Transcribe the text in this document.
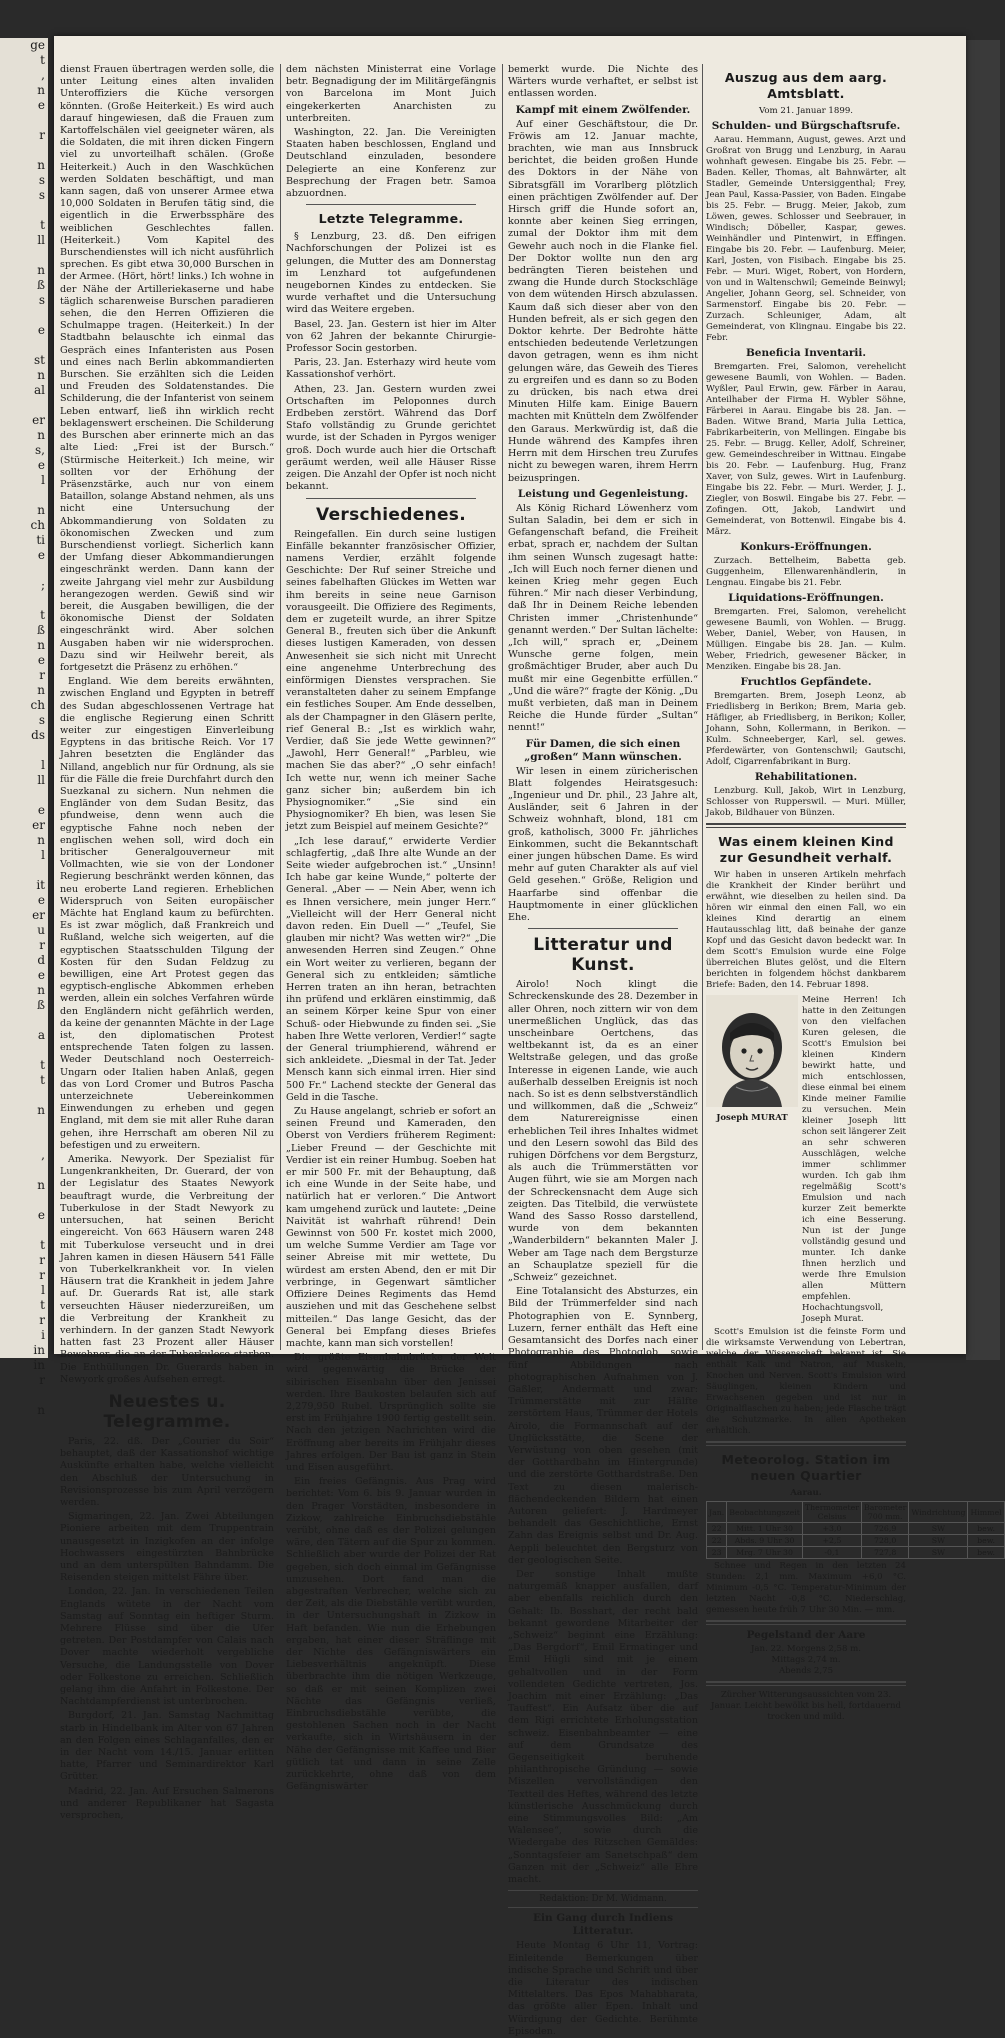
ge
t
,
n
e

r

n
s
s

t
ll

n
ß
s

e

st
n
al

er
n
s,
e
l

n
ch
ti
e

;

t
ß
n
e
r
n
ch
s
ds

l
ll

e
er
n
l

it
e
er
u
r
d
e
n
ß

a

t
t

n

,

n

e

t
r
r
l
t
r
i
in
in
r

n

dienst Frauen übertragen werden solle, die unter Leitung eines alten invaliden Unteroffiziers die Küche versorgen könnten. (Große Heiterkeit.) Es wird auch darauf hingewiesen, daß die Frauen zum Kartoffelschälen viel geeigneter wären, als die Soldaten, die mit ihren dicken Fingern viel zu unvorteilhaft schälen. (Große Heiterkeit.) Auch in den Waschküchen werden Soldaten beschäftigt, und man kann sagen, daß von unserer Armee etwa 10,000 Soldaten in Berufen tätig sind, die eigentlich in die Erwerbssphäre des weiblichen Geschlechtes fallen. (Heiterkeit.) Vom Kapitel des Burschendienstes will ich nicht ausführlich sprechen. Es gibt etwa 30,000 Burschen in der Armee. (Hört, hört! links.) Ich wohne in der Nähe der Artilleriekaserne und habe täglich scharenweise Burschen paradieren sehen, die den Herren Offizieren die Schulmappe tragen. (Heiterkeit.) In der Stadtbahn belauschte ich einmal das Gespräch eines Infanteristen aus Posen und eines nach Berlin abkommandierten Burschen. Sie erzählten sich die Leiden und Freuden des Soldatenstandes. Die Schilderung, die der Infanterist von seinem Leben entwarf, ließ ihn wirklich recht beklagenswert erscheinen. Die Schilderung des Burschen aber erinnerte mich an das alte Lied: „Frei ist der Bursch.“ (Stürmische Heiterkeit.) Ich meine, wir sollten vor der Erhöhung der Präsenzstärke, auch nur von einem Bataillon, solange Abstand nehmen, als uns nicht eine Untersuchung der Abkommandierung von Soldaten zu ökonomischen Zwecken und zum Burschendienst vorliegt. Sicherlich kann der Umfang dieser Abkommandierungen eingeschränkt werden. Dann kann der zweite Jahrgang viel mehr zur Ausbildung herangezogen werden. Gewiß sind wir bereit, die Ausgaben bewilligen, die der ökonomische Dienst der Soldaten eingeschränkt wird. Aber solchen Ausgaben haben wir nie widersprochen. Dazu sind wir Heilwehr bereit, als fortgesetzt die Präsenz zu erhöhen.“

England. Wie dem bereits erwähnten, zwischen England und Egypten in betreff des Sudan abgeschlossenen Vertrage hat die englische Regierung einen Schritt weiter zur eingestigen Einverleibung Egyptens in das britische Reich. Vor 17 Jahren besetzten die Engländer das Nilland, angeblich nur für Ordnung, als sie für die Fälle die freie Durchfahrt durch den Suezkanal zu sichern. Nun nehmen die Engländer von dem Sudan Besitz, das pfundweise, denn wenn auch die egyptische Fahne noch neben der englischen wehen soll, wird doch ein britischer Generalgouverneur mit Vollmachten, wie sie von der Londoner Regierung beschränkt werden können, das neu eroberte Land regieren. Erheblichen Widerspruch von Seiten europäischer Mächte hat England kaum zu befürchten. Es ist zwar möglich, daß Frankreich und Rußland, welche sich weigerten, auf die egyptischen Staatsschulden Tilgung der Kosten für den Sudan Feldzug zu bewilligen, eine Art Protest gegen das egyptisch-englische Abkommen erheben werden, allein ein solches Verfahren würde den Engländern nicht gefährlich werden, da keine der genannten Mächte in der Lage ist, den diplomatischen Protest entsprechende Taten folgen zu lassen. Weder Deutschland noch Oesterreich-Ungarn oder Italien haben Anlaß, gegen das von Lord Cromer und Butros Pascha unterzeichnete Uebereinkommen Einwendungen zu erheben und gegen England, mit dem sie mit aller Ruhe daran gehen, ihre Herrschaft am oberen Nil zu befestigen und zu erweitern.

Amerika. Newyork. Der Spezialist für Lungenkrankheiten, Dr. Guerard, der von der Legislatur des Staates Newyork beauftragt wurde, die Verbreitung der Tuberkulose in der Stadt Newyork zu untersuchen, hat seinen Bericht eingereicht. Von 663 Häusern waren 248 mit Tuberkulose verseucht und in drei Jahren kamen in diesen Häusern 541 Fälle von Tuberkelkrankheit vor. In vielen Häusern trat die Krankheit in jedem Jahre auf. Dr. Guerards Rat ist, alle stark verseuchten Häuser niederzureißen, um die Verbreitung der Krankheit zu verhindern. In der ganzen Stadt Newyork hatten fast 23 Prozent aller Häuser Bewohner, die an der Tuberkulose starben. Die Enthüllungen Dr. Guerards haben in Newyork großes Aufsehen erregt.

Neuestes u. Telegramme.

Paris, 22. dß. Der „Courier du Soir“ behauptet, daß der Kassationshof wichtige Auskünfte erhalten habe, welche vielleicht den Abschluß der Untersuchung in Revisionsprozesse bis zum April verzögern werden.

Sigmaringen, 22. Jan. Zwei Abteilungen Pioniere arbeiten mit dem Truppentrain unausgesetzt in Inzigkofen an der infolge Hochwassers eingestürzten Bahnbrücke und an dem unterspülten Bahndamm. Die Reisenden steigen mittelst Fähre über.

London, 22. Jan. In verschiedenen Teilen Englands wütete in der Nacht vom Samstag auf Sonntag ein heftiger Sturm. Mehrere Flüsse sind über die Ufer getreten. Der Postdampfer von Calais nach Dover machte wiederholt vergebliche Versuche, die Landungsstelle von Dover oder Folkestone zu erreichen. Schließlich gelang ihm die Anfahrt in Folkestone. Der Nachtdampferdienst ist unterbrochen.

Burgdorf, 21. Jan. Samstag Nachmittag starb in Hindelbank im Alter von 67 Jahren an den Folgen eines Schlaganfalles, den er in der Nacht vom 14./15. Januar erlitten hatte, Pfarrer und Seminardirektor Karl Grütter.

Madrid, 22. Jan. Auf Ersuchen Salmerons und anderer Republikaner hat Sagasta versprochen,

dem nächsten Ministerrat eine Vorlage betr. Begnadigung der im Militärgefängnis von Barcelona im Mont Juich eingekerkerten Anarchisten zu unterbreiten.

Washington, 22. Jan. Die Vereinigten Staaten haben beschlossen, England und Deutschland einzuladen, besondere Delegierte an eine Konferenz zur Besprechung der Fragen betr. Samoa abzuordnen.

Letzte Telegramme.

§ Lenzburg, 23. dß. Den eifrigen Nachforschungen der Polizei ist es gelungen, die Mutter des am Donnerstag im Lenzhard tot aufgefundenen neugebornen Kindes zu entdecken. Sie wurde verhaftet und die Untersuchung wird das Weitere ergeben.

Basel, 23. Jan. Gestern ist hier im Alter von 62 Jahren der bekannte Chirurgie-Professor Socin gestorben.

Paris, 23. Jan. Esterhazy wird heute vom Kassationshof verhört.

Athen, 23. Jan. Gestern wurden zwei Ortschaften im Peloponnes durch Erdbeben zerstört. Während das Dorf Stafo vollständig zu Grunde gerichtet wurde, ist der Schaden in Pyrgos weniger groß. Doch wurde auch hier die Ortschaft geräumt werden, weil alle Häuser Risse zeigen. Die Anzahl der Opfer ist noch nicht bekannt.

Verschiedenes.

Reingefallen. Ein durch seine lustigen Einfälle bekannter französischer Offizier, namens Verdier, erzählt folgende Geschichte: Der Ruf seiner Streiche und seines fabelhaften Glückes im Wetten war ihm bereits in seine neue Garnison vorausgeeilt. Die Offiziere des Regiments, dem er zugeteilt wurde, an ihrer Spitze General B., freuten sich über die Ankunft dieses lustigen Kameraden, von dessen Anwesenheit sie sich nicht mit Unrecht eine angenehme Unterbrechung des einförmigen Dienstes versprachen. Sie veranstalteten daher zu seinem Empfange ein festliches Souper. Am Ende desselben, als der Champagner in den Gläsern perlte, rief General B.: „Ist es wirklich wahr, Verdier, daß Sie jede Wette gewinnen?“ „Jawohl, Herr General!“ „Parbleu, wie machen Sie das aber?“ „O sehr einfach! Ich wette nur, wenn ich meiner Sache ganz sicher bin; außerdem bin ich Physiognomiker.“ „Sie sind ein Physiognomiker? Eh bien, was lesen Sie jetzt zum Beispiel auf meinem Gesichte?“

„Ich lese darauf,“ erwiderte Verdier schlagfertig, „daß Ihre alte Wunde an der Seite wieder aufgebrochen ist.“ „Unsinn! Ich habe gar keine Wunde,“ polterte der General. „Aber — — Nein Aber, wenn ich es Ihnen versichere, mein junger Herr.“ „Vielleicht will der Herr General nicht davon reden. Ein Duell —“ „Teufel, Sie glauben mir nicht? Was wetten wir?“ „Die anwesenden Herren sind Zeugen.“ Ohne ein Wort weiter zu verlieren, begann der General sich zu entkleiden; sämtliche Herren traten an ihn heran, betrachten ihn prüfend und erklären einstimmig, daß an seinem Körper keine Spur von einer Schuß- oder Hiebwunde zu finden sei. „Sie haben Ihre Wette verloren, Verdier!“ sagte der General triumphierend, während er sich ankleidete. „Diesmal in der Tat. Jeder Mensch kann sich einmal irren. Hier sind 500 Fr.“ Lachend steckte der General das Geld in die Tasche.

Zu Hause angelangt, schrieb er sofort an seinen Freund und Kameraden, den Oberst von Verdiers früherem Regiment: „Lieber Freund — der Geschichte mit Verdier ist ein reiner Humbug. Soeben hat er mir 500 Fr. mit der Behauptung, daß ich eine Wunde in der Seite habe, und natürlich hat er verloren.“ Die Antwort kam umgehend zurück und lautete: „Deine Naivität ist wahrhaft rührend! Dein Gewinnst von 500 Fr. kostet mich 2000, um welche Summe Verdier am Tage vor seiner Abreise mit mir wettete, Du würdest am ersten Abend, den er mit Dir verbringe, in Gegenwart sämtlicher Offiziere Deines Regiments das Hemd ausziehen und mit das Geschehene selbst mitteilen.“ Das lange Gesicht, das der General bei Empfang dieses Briefes machte, kann man sich vorstellen!

Die größte Eisenbahnbrücke der Welt wird gegenwärtig die Brücke der sibirischen Eisenbahn über den Jenissei werden. Ihre Baukosten belaufen sich auf 2,279,950 Rubel. Ursprünglich sollte sie erst im Frühjahre 1900 fertig gestellt sein. Nach den jetzigen Nachrichten wird die Eröffnung aber bereits im Frühjahr dieses Jahres erfolgen. Der Bau ist ganz in Stein und Eisen ausgeführt.

Ein freies Gefängnis. Aus Prag wird berichtet: Vom 6. bis 9. Januar wurden in den Prager Vorstädten, insbesondere in Zizkow, zahlreiche Einbruchsdiebstähle verübt, ohne daß es der Polizei gelungen wäre, den Tätern auf die Spur zu kommen. Schließlich aber wurde der Polizei der Rat gegeben, sich doch einmal im Gefängnisse umzusehen. Dort fand man die abgestraften Verbrecher, welche sich zu der Zeit, als die Diebstähle verübt wurden, in der Untersuchungshaft in Zizkow in Haft befanden. Wie nun die Erhebungen ergaben, hat einer dieser Sträflinge mit der Nichte des Gefängniswärters ein Liebesverhältnis angeknüpft. Diese überbrachte ihm die nötigen Werkzeuge, so daß er mit seinen Komplizen zwei Nächte das Gefängnis verließ, Einbruchsdiebstähle verübte, die gestohlenen Sachen noch in der Nacht verkaufte, sich in Wirtshäusern in der Nähe der Gefängnisse mit Kaffee und Bier gütlich tat und dann in seine Zelle zurückkehrte, ohne daß von dem Gefängniswärter

bemerkt wurde. Die Nichte des Wärters wurde verhaftet, er selbst ist entlassen worden.

Kampf mit einem Zwölfender.

Auf einer Geschäftstour, die Dr. Fröwis am 12. Januar machte, brachten, wie man aus Innsbruck berichtet, die beiden großen Hunde des Doktors in der Nähe von Sibratsgfäll im Vorarlberg plötzlich einen prächtigen Zwölfender auf. Der Hirsch griff die Hunde sofort an, konnte aber keinen Sieg erringen, zumal der Doktor ihm mit dem Gewehr auch noch in die Flanke fiel. Der Doktor wollte nun den arg bedrängten Tieren beistehen und zwang die Hunde durch Stockschläge von dem wütenden Hirsch abzulassen. Kaum daß sich dieser aber von den Hunden befreit, als er sich gegen den Doktor kehrte. Der Bedrohte hätte entschieden bedeutende Verletzungen davon getragen, wenn es ihm nicht gelungen wäre, das Geweih des Tieres zu ergreifen und es dann so zu Boden zu drücken, bis nach etwa drei Minuten Hilfe kam. Einige Bauern machten mit Knütteln dem Zwölfender den Garaus. Merkwürdig ist, daß die Hunde während des Kampfes ihren Herrn mit dem Hirschen treu Zurufes nicht zu bewegen waren, ihrem Herrn beizuspringen.

Leistung und Gegenleistung.

Als König Richard Löwenherz vom Sultan Saladin, bei dem er sich in Gefangenschaft befand, die Freiheit erbat, sprach er, nachdem der Sultan ihm seinen Wunsch zugesagt hatte: „Ich will Euch noch ferner dienen und keinen Krieg mehr gegen Euch führen.“ Mir nach dieser Verbindung, daß Ihr in Deinem Reiche lebenden Christen immer „Christenhunde“ genannt werden.“ Der Sultan lächelte: „Ich will,“ sprach er, „Deinem Wunsche gerne folgen, mein großmächtiger Bruder, aber auch Du mußt mir eine Gegenbitte erfüllen.“ „Und die wäre?“ fragte der König. „Du mußt verbieten, daß man in Deinem Reiche die Hunde fürder „Sultan“ nennt!“

Für Damen, die sich einen „großen“ Mann wünschen.

Wir lesen in einem züricherischen Blatt folgendes Heiratsgesuch: „Ingenieur und Dr. phil., 23 Jahre alt, Ausländer, seit 6 Jahren in der Schweiz wohnhaft, blond, 181 cm groß, katholisch, 3000 Fr. jährliches Einkommen, sucht die Bekanntschaft einer jungen hübschen Dame. Es wird mehr auf guten Charakter als auf viel Geld gesehen.“ Größe, Religion und Haarfarbe sind offenbar die Hauptmomente in einer glücklichen Ehe.

Litteratur und Kunst.

Airolo! Noch klingt die Schreckenskunde des 28. Dezember in aller Ohren, noch zittern wir von dem unermeßlichen Unglück, das das unscheinbare Oertchens, das weltbekannt ist, da es an einer Weltstraße gelegen, und das große Interesse in eigenen Lande, wie auch außerhalb desselben Ereignis ist noch nach. So ist es denn selbstverständlich und willkommen, daß die „Schweiz“ dem Naturereignisse einen erheblichen Teil ihres Inhaltes widmet und den Lesern sowohl das Bild des ruhigen Dörfchens vor dem Bergsturz, als auch die Trümmerstätten vor Augen führt, wie sie am Morgen nach der Schreckensnacht dem Auge sich zeigten. Das Titelbild, die verwüstete Wand des Sasso Rosso darstellend, wurde von dem bekannten „Wanderbildern“ bekannten Maler J. Weber am Tage nach dem Bergsturze an Schauplatze speziell für die „Schweiz“ gezeichnet.

Eine Totalansicht des Absturzes, ein Bild der Trümmerfelder sind nach Photographien von E. Synnberg, Luzern, ferner enthält das Heft eine Gesamtansicht des Dorfes nach einer Photographie des Photoglob, sowie fünf Abbildungen nach photographischen Aufnahmen von J. Gaßler, Andermatt und zwar: Trümmerstätte mit zur Hälfte zerstörtem Haus, Trümmer der Hotels Airolo, die Formannschaft auf der Unglücksstätte, die Scene der Verwüstung von oben gesehen (mit der Gotthardbahn im Hintergrunde) und die zerstörte Gotthardstraße. Den Text zu diesen malerisch-flächendeckenden Bildern hat einen Autoren geliefert: J. Hardmeyer behandelt das Geschichtliche, Ernst Zahn das Ereignis selbst und Dr. Aug. Aeppli beleuchtet den Bergsturz von der geologischen Seite.

Der sonstige Inhalt mußte naturgemäß knapper ausfallen, darf aber ebenfalls reichlich durch den Gehalt: Ib. Bosshart, der recht bald bekannt gewordene Mitarbeiter der „Schweiz“ beginnt eine Erzählung: „Das Bergdorf“, Emil Ermatinger und Emil Hügli sind mit je einem gehaltvollen und in der Form vollendeten Gedichte vertreten, Jos. Joachim mit einer Erzählung: „Das Tauffest“. Ein Aufsatz über die auf dem Rigi errichtete Erholungsstation schweiz. Eisenbahnbeamter — eine auf dem Grundsatze des Gegenseitigkeit beruhende philanthropische Gründung — sowie Miszellen vervollständigen den Textteil des Heftes, während des letzte künstlerische Ausschmückung durch eine Stimmungsvolles Bild: „Am Walensee“, sowie durch die Wiedergabe des Ritzschen Gemäldes: „Sonntagsfeier am Sanetschpaß“ dem Ganzen mit der „Schweiz“ alle Ehre macht.

Redaktion: Dr M. Widmann.
Ein Gang durch Indiens Litteratur.

Heute Montag 6 Uhr 11, Vortrag: Einleitende Bemerkungen über indische Sprache und Schrift und über die Literatur des indischen Mittelalters. Das Epos Mahabharata, das größte aller Epen. Inhalt und Würdigung der Gedichte. Berühmte Episoden.

Auszug aus dem aarg. Amtsblatt.
Vom 21. Januar 1899.
Schulden- und Bürgschaftsrufe.

Aarau. Hemmann, August, gewes. Arzt und Großrat von Brugg und Lenzburg, in Aarau wohnhaft gewesen. Eingabe bis 25. Febr. — Baden. Keller, Thomas, alt Bahnwärter, alt Stadler, Gemeinde Untersiggenthal; Frey, Jean Paul, Kassa-Passier, von Baden. Eingabe bis 25. Febr. — Brugg. Meier, Jakob, zum Löwen, gewes. Schlosser und Seebrauer, in Windisch; Döbeller, Kaspar, gewes. Weinhändler und Pintenwirt, in Effingen. Eingabe bis 20. Febr. — Laufenburg. Meier, Karl, Josten, von Fisibach. Eingabe bis 25. Febr. — Muri. Wiget, Robert, von Hordern, von und in Waltenschwil; Gemeinde Beinwyl; Angelier, Johann Georg, sel. Schneider, von Sarmenstorf. Eingabe bis 20. Febr. — Zurzach. Schleuniger, Adam, alt Gemeinderat, von Klingnau. Eingabe bis 22. Febr.

Beneficia Inventarii.

Bremgarten. Frei, Salomon, verehelicht gewesene Baumli, von Wohlen. — Baden. Wyßler, Paul Erwin, gew. Färber in Aarau, Anteilhaber der Firma H. Wybler Söhne, Färberei in Aarau. Eingabe bis 28. Jan. — Baden. Witwe Brand, Maria Julia Lettica, Fabrikarbeiterin, von Mellingen. Eingabe bis 25. Febr. — Brugg. Keller, Adolf, Schreiner, gew. Gemeindeschreiber in Wittnau. Eingabe bis 20. Febr. — Laufenburg. Hug, Franz Xaver, von Sulz, gewes. Wirt in Laufenburg. Eingabe bis 22. Febr. — Muri. Werder, J. J., Ziegler, von Boswil. Eingabe bis 27. Febr. — Zofingen. Ott, Jakob, Landwirt und Gemeinderat, von Bottenwil. Eingabe bis 4. März.

Konkurs-Eröffnungen.

Zurzach. Bettelheim, Babetta geb. Guggenheim, Ellenwarenhändlerin, in Lengnau. Eingabe bis 21. Febr.

Liquidations-Eröffnungen.

Bremgarten. Frei, Salomon, verehelicht gewesene Baumli, von Wohlen. — Brugg. Weber, Daniel, Weber, von Hausen, in Mülligen. Eingabe bis 28. Jan. — Kulm. Weber, Friedrich, gewesener Bäcker, in Menziken. Eingabe bis 28. Jan.

Fruchtlos Gepfändete.

Bremgarten. Brem, Joseph Leonz, ab Friedlisberg in Berikon; Brem, Maria geb. Häfliger, ab Friedlisberg, in Berikon; Koller, Johann, Sohn, Kollermann, in Berikon. — Kulm. Schneeberger, Karl, sel. gewes. Pferdewärter, von Gontenschwil; Gautschi, Adolf, Cigarrenfabrikant in Burg.

Rehabilitationen.

Lenzburg. Kull, Jakob, Wirt in Lenzburg, Schlosser von Rupperswil. — Muri. Müller, Jakob, Bildhauer von Bünzen.

Was einem kleinen Kind zur Gesundheit verhalf.

Wir haben in unseren Artikeln mehrfach die Krankheit der Kinder berührt und erwähnt, wie dieselben zu heilen sind. Da hören wir einmal den einen Fall, wo ein kleines Kind derartig an einem Hautausschlag litt, daß beinahe der ganze Kopf und das Gesicht davon bedeckt war. In dem Scott's Emulsion wurde eine Folge überreichen Blutes gelöst, und die Eltern berichten in folgendem höchst dankbarem Briefe: Baden, den 14. Februar 1898.

Joseph MURAT

Meine Herren! Ich hatte in den Zeitungen von den vielfachen Kuren gelesen, die Scott's Emulsion bei kleinen Kindern bewirkt hatte, und mich entschlossen, diese einmal bei einem Kinde meiner Familie zu versuchen. Mein kleiner Joseph litt schon seit längerer Zeit an sehr schweren Ausschlägen, welche immer schlimmer wurden. Ich gab ihm regelmäßig Scott's Emulsion und nach kurzer Zeit bemerkte ich eine Besserung. Nun ist der Junge vollständig gesund und munter. Ich danke Ihnen herzlich und werde Ihre Emulsion allen Müttern empfehlen. Hochachtungsvoll, Joseph Murat.

Scott's Emulsion ist die feinste Form und die wirksamste Verwendung von Lebertran, welche der Wissenschaft bekannt ist. Sie enthält Kalk und Natron, auf Muskeln, Knochen und Nerven. Scott's Emulsion wird Säuglingen, kleinen Kindern und Erwachsenen gegeben und ist nur in Originalflaschen zu haben; jede Flasche trägt die Schutzmarke. In allen Apotheken erhältlich.

Meteorolog. Station im neuen Quartier
Aarau.
Jan.	Beobachtungszeit	Thermometer Celsius	Barometer 700 mm.	Windrichtung	Himmel
22	Mitt. 1 Uhr 30	+3,0	726,9	SW	bew.
22	Abds. 9 Uhr 30	+2,5	728,0	SW	bew.
23	Mrg. 7 Uhr 30	-0,1	727,8	SW	bew.

Schnee und Regen in den letzten 24 Stunden: 2,1 mm. Maximum +6,0 °C. Minimum -0,5 °C. Temperatur-Minimum der letzten Nacht -0,8 °C. Niederschlag, gemessen heute früh 7 Uhr 30 Min. — mm.

Pegelstand der Aare
Jan. 22. Morgens 2,58 m.
Mittags 2,74 m.
Abends 2,75

Zürcher Witterungsaussichten vom 23. Januar. Leicht bewölkt bis hell, fortdauernd trocken und mild.
